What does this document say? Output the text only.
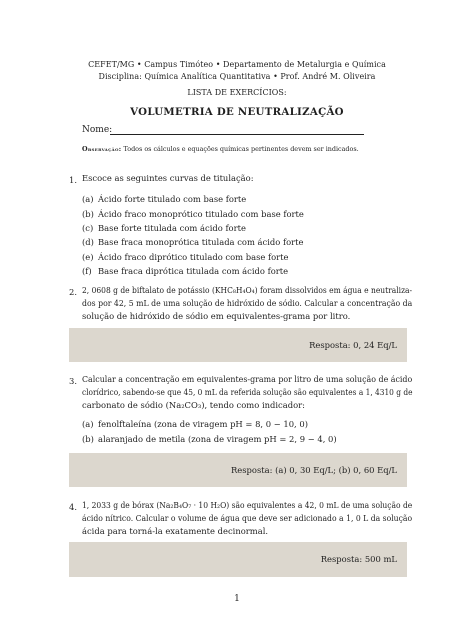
CEFET/MG • Campus Timóteo • Departamento de Metalurgia e Química
Disciplina: Química Analítica Quantitativa • Prof. André M. Oliveira
LISTA DE EXERCÍCIOS:
VOLUMETRIA DE NEUTRALIZAÇÃO
Nome:
Observação: Todos os cálculos e equações químicas pertinentes devem ser indicados.
1. Escoce as seguintes curvas de titulação:
(a) Ácido forte titulado com base forte
(b) Ácido fraco monoprótico titulado com base forte
(c) Base forte titulada com ácido forte
(d) Base fraca monoprótica titulada com ácido forte
(e) Ácido fraco diprótico titulado com base forte
(f) Base fraca diprótica titulada com ácido forte
2. 2, 0608 g de biftalato de potássio (KHC₈H₄O₄) foram dissolvidos em água e neutraliza-
dos por 42, 5 mL de uma solução de hidróxido de sódio. Calcular a concentração da
solução de hidróxido de sódio em equivalentes-grama por litro.
Resposta: 0, 24 Eq/L
3. Calcular a concentração em equivalentes-grama por litro de uma solução de ácido
clorídrico, sabendo-se que 45, 0 mL da referida solução são equivalentes a 1, 4310 g de
carbonato de sódio (Na₂CO₃), tendo como indicador:
(a) fenolftaleína (zona de viragem pH = 8, 0 − 10, 0)
(b) alaranjado de metila (zona de viragem pH = 2, 9 − 4, 0)
Resposta: (a) 0, 30 Eq/L; (b) 0, 60 Eq/L
4. 1, 2033 g de bórax (Na₂B₄O₇ · 10 H₂O) são equivalentes a 42, 0 mL de uma solução de
ácido nítrico. Calcular o volume de água que deve ser adicionado a 1, 0 L da solução
ácida para torná-la exatamente decinormal.
Resposta: 500 mL
1
